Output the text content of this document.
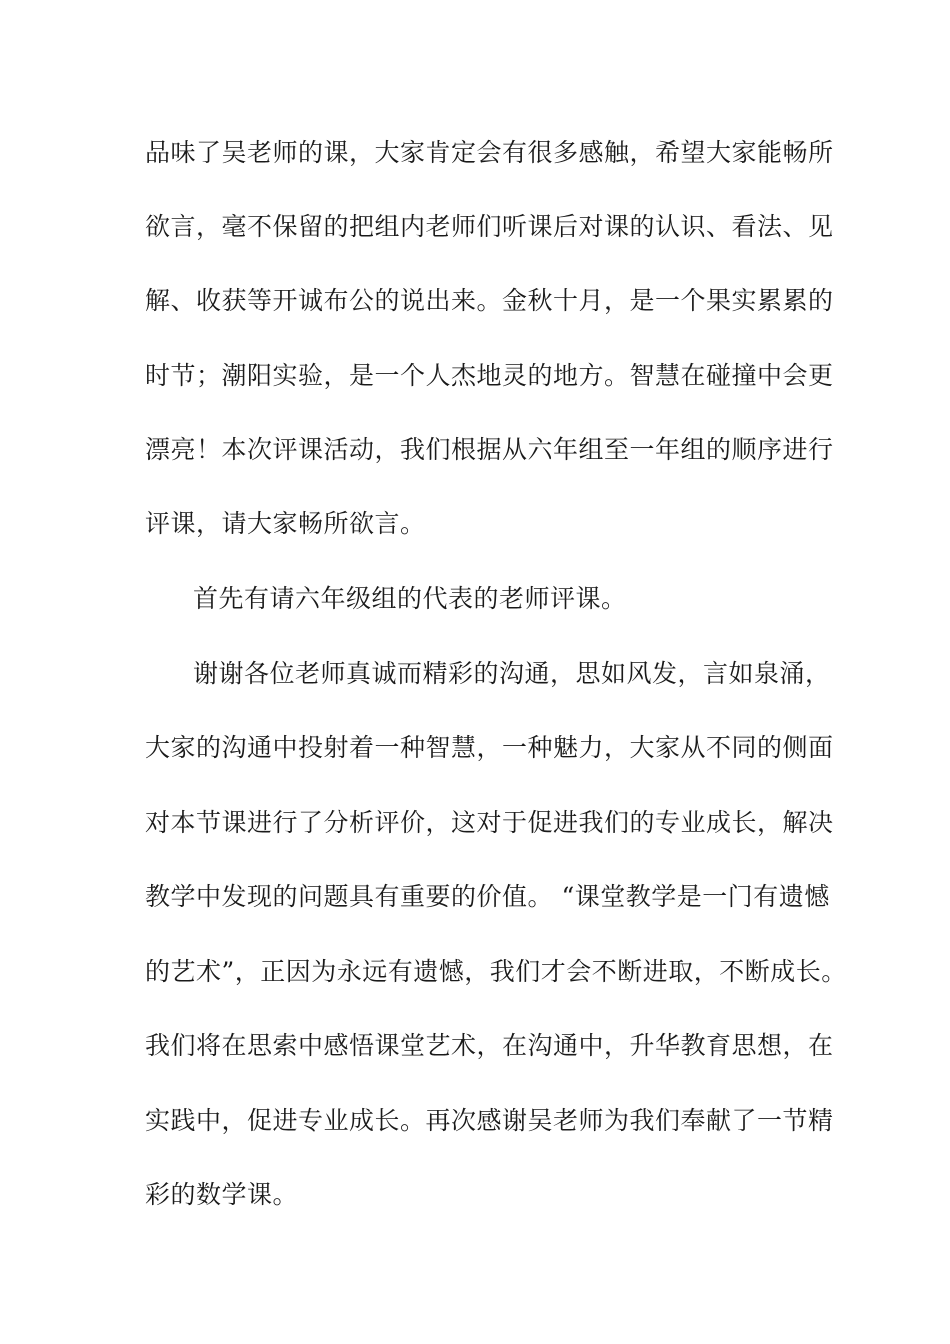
品味了吴老师的课，大家肯定会有很多感触，希望大家能畅所
欲言，毫不保留的把组内老师们听课后对课的认识、看法、见
解、收获等开诚布公的说出来。金秋十月，是一个果实累累的
时节；潮阳实验，是一个人杰地灵的地方。智慧在碰撞中会更
漂亮！本次评课活动，我们根据从六年组至一年组的顺序进行
评课，请大家畅所欲言。
首先有请六年级组的代表的老师评课。
谢谢各位老师真诚而精彩的沟通，思如风发，言如泉涌，
大家的沟通中投射着一种智慧，一种魅力，大家从不同的侧面
对本节课进行了分析评价，这对于促进我们的专业成长，解决
教学中发现的问题具有重要的价值。 “课堂教学是一门有遗憾
的艺术”，正因为永远有遗憾，我们才会不断进取，不断成长。
我们将在思索中感悟课堂艺术，在沟通中，升华教育思想，在
实践中，促进专业成长。再次感谢吴老师为我们奉献了一节精
彩的数学课。
